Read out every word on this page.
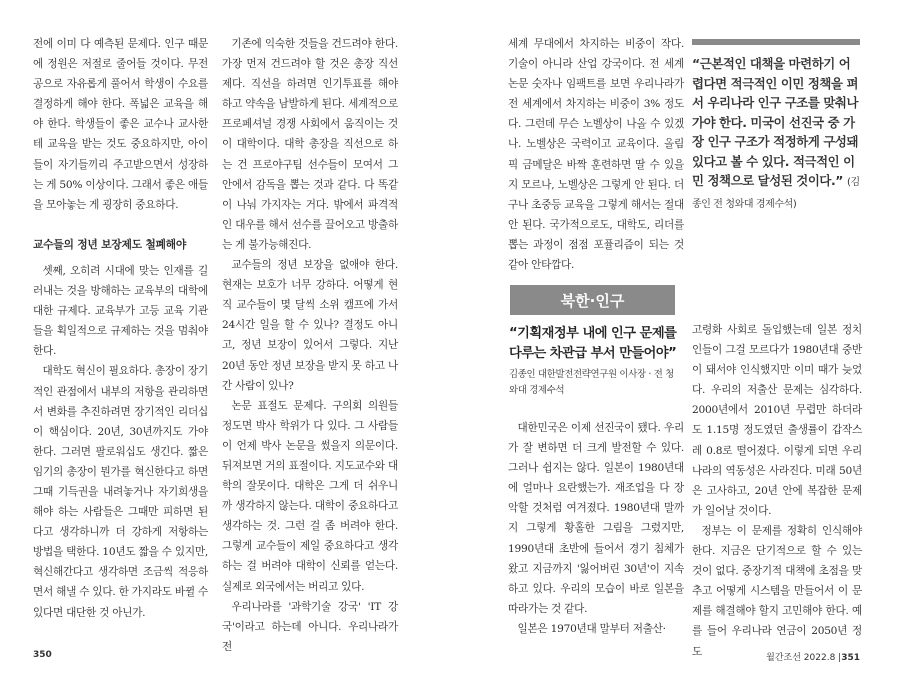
전에 이미 다 예측된 문제다. 인구 때문에 정원은 저절로 줄어들 것이다. 무전공으로 자유롭게 풀어서 학생이 수요를 결정하게 해야 한다. 폭넓은 교육을 해야 한다. 학생들이 좋은 교수나 교사한테 교육을 받는 것도 중요하지만, 아이들이 자기들끼리 주고받으면서 성장하는 게 50% 이상이다. 그래서 좋은 애들을 모아놓는 게 굉장히 중요하다.

교수들의 정년 보장제도 철폐해야

셋째, 오히려 시대에 맞는 인재를 길러내는 것을 방해하는 교육부의 대학에 대한 규제다. 교육부가 고등 교육 기관들을 획일적으로 규제하는 것을 멈춰야 한다.

대학도 혁신이 필요하다. 총장이 장기적인 관점에서 내부의 저항을 관리하면서 변화를 추진하려면 장기적인 리더십이 핵심이다. 20년, 30년까지도 가야 한다. 그러면 팔로워십도 생긴다. 짧은 임기의 총장이 뭔가를 혁신한다고 하면 그때 기득권을 내려놓거나 자기희생을 해야 하는 사람들은 그때만 피하면 된다고 생각하니까 더 강하게 저항하는 방법을 택한다. 10년도 짧을 수 있지만, 혁신해간다고 생각하면 조금씩 적응하면서 해낼 수 있다. 한 가지라도 바뀔 수 있다면 대단한 것 아닌가.

기존에 익숙한 것들을 건드려야 한다. 가장 먼저 건드려야 할 것은 총장 직선제다. 직선을 하려면 인기투표를 해야 하고 약속을 남발하게 된다. 세계적으로 프로페셔널 경쟁 사회에서 움직이는 것이 대학이다. 대학 총장을 직선으로 하는 건 프로야구팀 선수들이 모여서 그 안에서 감독을 뽑는 것과 같다. 다 똑같이 나눠 가지자는 거다. 밖에서 파격적인 대우를 해서 선수를 끌어오고 방출하는 게 불가능해진다.

교수들의 정년 보장을 없애야 한다. 현재는 보호가 너무 강하다. 어떻게 현직 교수들이 몇 달씩 소위 캠프에 가서 24시간 일을 할 수 있나? 결정도 아니고, 정년 보장이 있어서 그렇다. 지난 20년 동안 정년 보장을 받지 못 하고 나간 사람이 있나?

논문 표절도 문제다. 구의회 의원들 정도면 박사 학위가 다 있다. 그 사람들이 언제 박사 논문을 썼을지 의문이다. 뒤져보면 거의 표절이다. 지도교수와 대학의 잘못이다. 대학은 그게 더 쉬우니까 생각하지 않는다. 대학이 중요하다고 생각하는 것. 그런 걸 좀 버려야 한다. 그렇게 교수들이 제일 중요하다고 생각하는 걸 버려야 대학이 신뢰를 얻는다. 실제로 외국에서는 버리고 있다.

우리나라를 '과학기술 강국' 'IT 강국'이라고 하는데 아니다. 우리나라가 전

350

세계 무대에서 차지하는 비중이 작다. 기술이 아니라 산업 강국이다. 전 세계 논문 숫자나 임팩트를 보면 우리나라가 전 세계에서 차지하는 비중이 3% 정도다. 그런데 무슨 노벨상이 나올 수 있겠나. 노벨상은 국력이고 교육이다. 올림픽 금메달은 바짝 훈련하면 딸 수 있을지 모르나, 노벨상은 그렇게 안 된다. 더구나 초중등 교육을 그렇게 해서는 절대 안 된다. 국가적으로도, 대학도, 리더를 뽑는 과정이 점점 포퓰리즘이 되는 것 같아 안타깝다.

“근본적인 대책을 마련하기 어렵다면 적극적인 이민 정책을 펴서 우리나라 인구 구조를 맞춰나가야 한다. 미국이 선진국 중 가장 인구 구조가 적정하게 구성돼 있다고 볼 수 있다. 적극적인 이민 정책으로 달성된 것이다.” (김종인 전 청와대 경제수석)
북한·인구
“기획재정부 내에 인구 문제를 다루는 차관급 부서 만들어야”
김종인 대한발전전략연구원 이사장 · 전 청와대 경제수석

대한민국은 이제 선진국이 됐다. 우리가 잘 변하면 더 크게 발전할 수 있다. 그러나 쉽지는 않다. 일본이 1980년대에 얼마나 요란했는가. 재조업을 다 장악할 것처럼 여겨졌다. 1980년대 말까지 그렇게 황홀한 그림을 그렸지만, 1990년대 초반에 들어서 경기 침체가 왔고 지금까지 '잃어버린 30년'이 지속하고 있다. 우리의 모습이 바로 일본을 따라가는 것 같다.

일본은 1970년대 말부터 저출산·

고령화 사회로 돌입했는데 일본 정치인들이 그걸 모르다가 1980년대 중반이 돼서야 인식했지만 이미 때가 늦었다. 우리의 저출산 문제는 심각하다. 2000년에서 2010년 무렵만 하더라도 1.15명 정도였던 출생률이 갑작스레 0.8로 떨어졌다. 이렇게 되면 우리나라의 역동성은 사라진다. 미래 50년은 고사하고, 20년 안에 복잡한 문제가 일어날 것이다.

정부는 이 문제를 정확히 인식해야 한다. 지금은 단기적으로 할 수 있는 것이 없다. 중장기적 대책에 초점을 맞추고 어떻게 시스템을 만들어서 이 문제를 해결해야 할지 고민해야 한다. 예를 들어 우리나라 연금이 2050년 정도

월간조선 2022.8 |351
